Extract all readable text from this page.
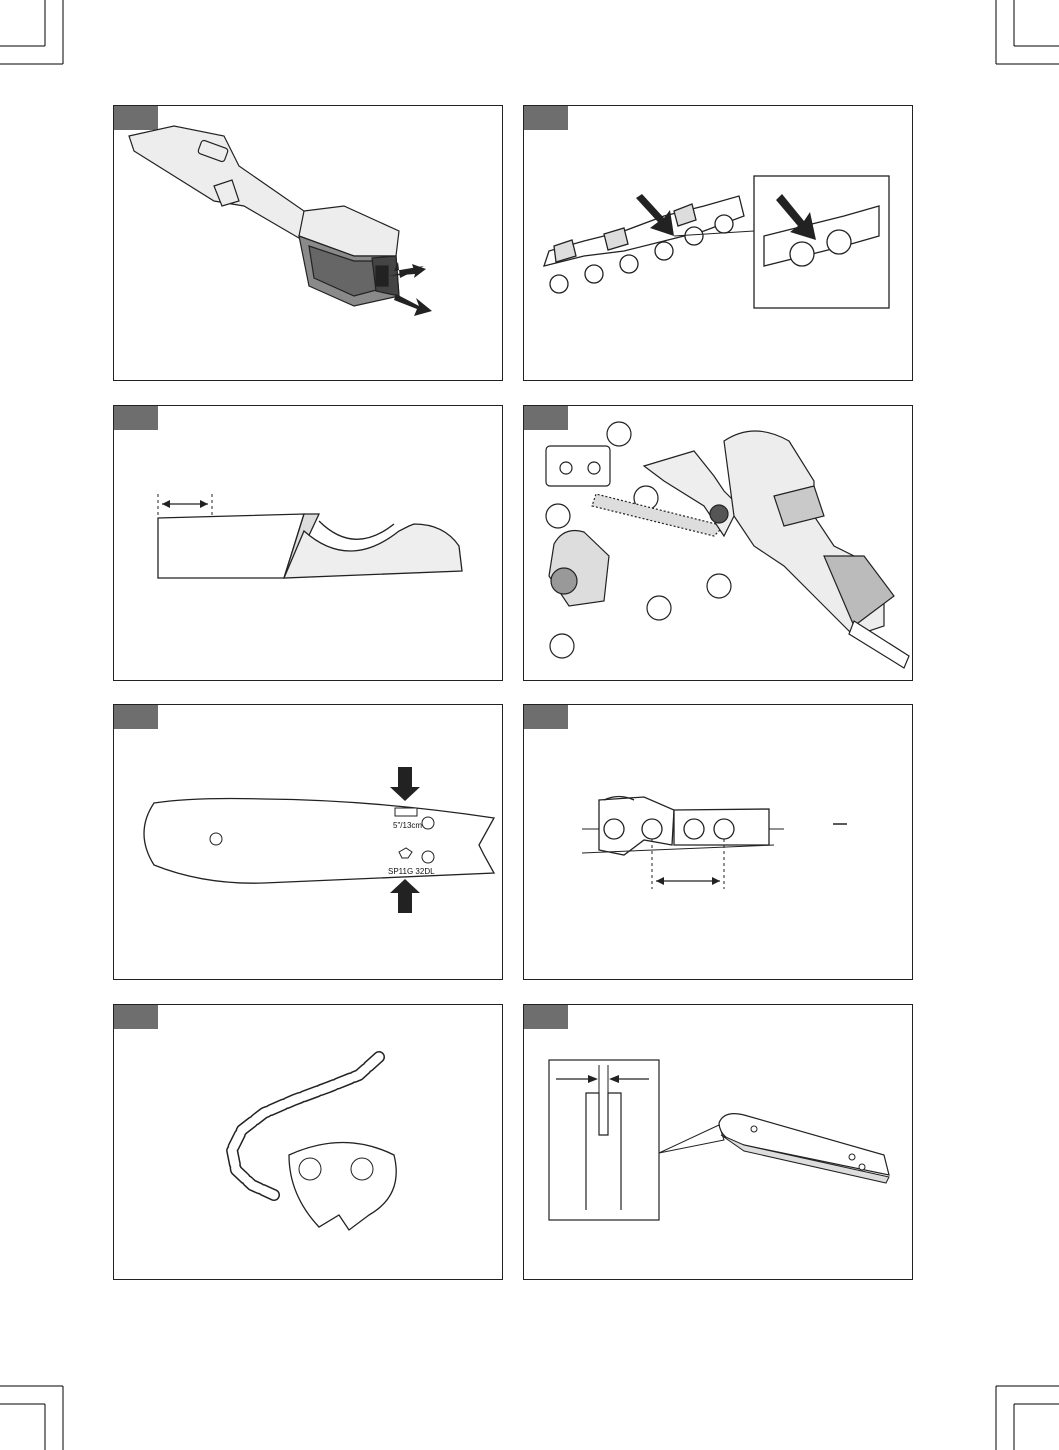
5"/13cm
SP11G 32DL
